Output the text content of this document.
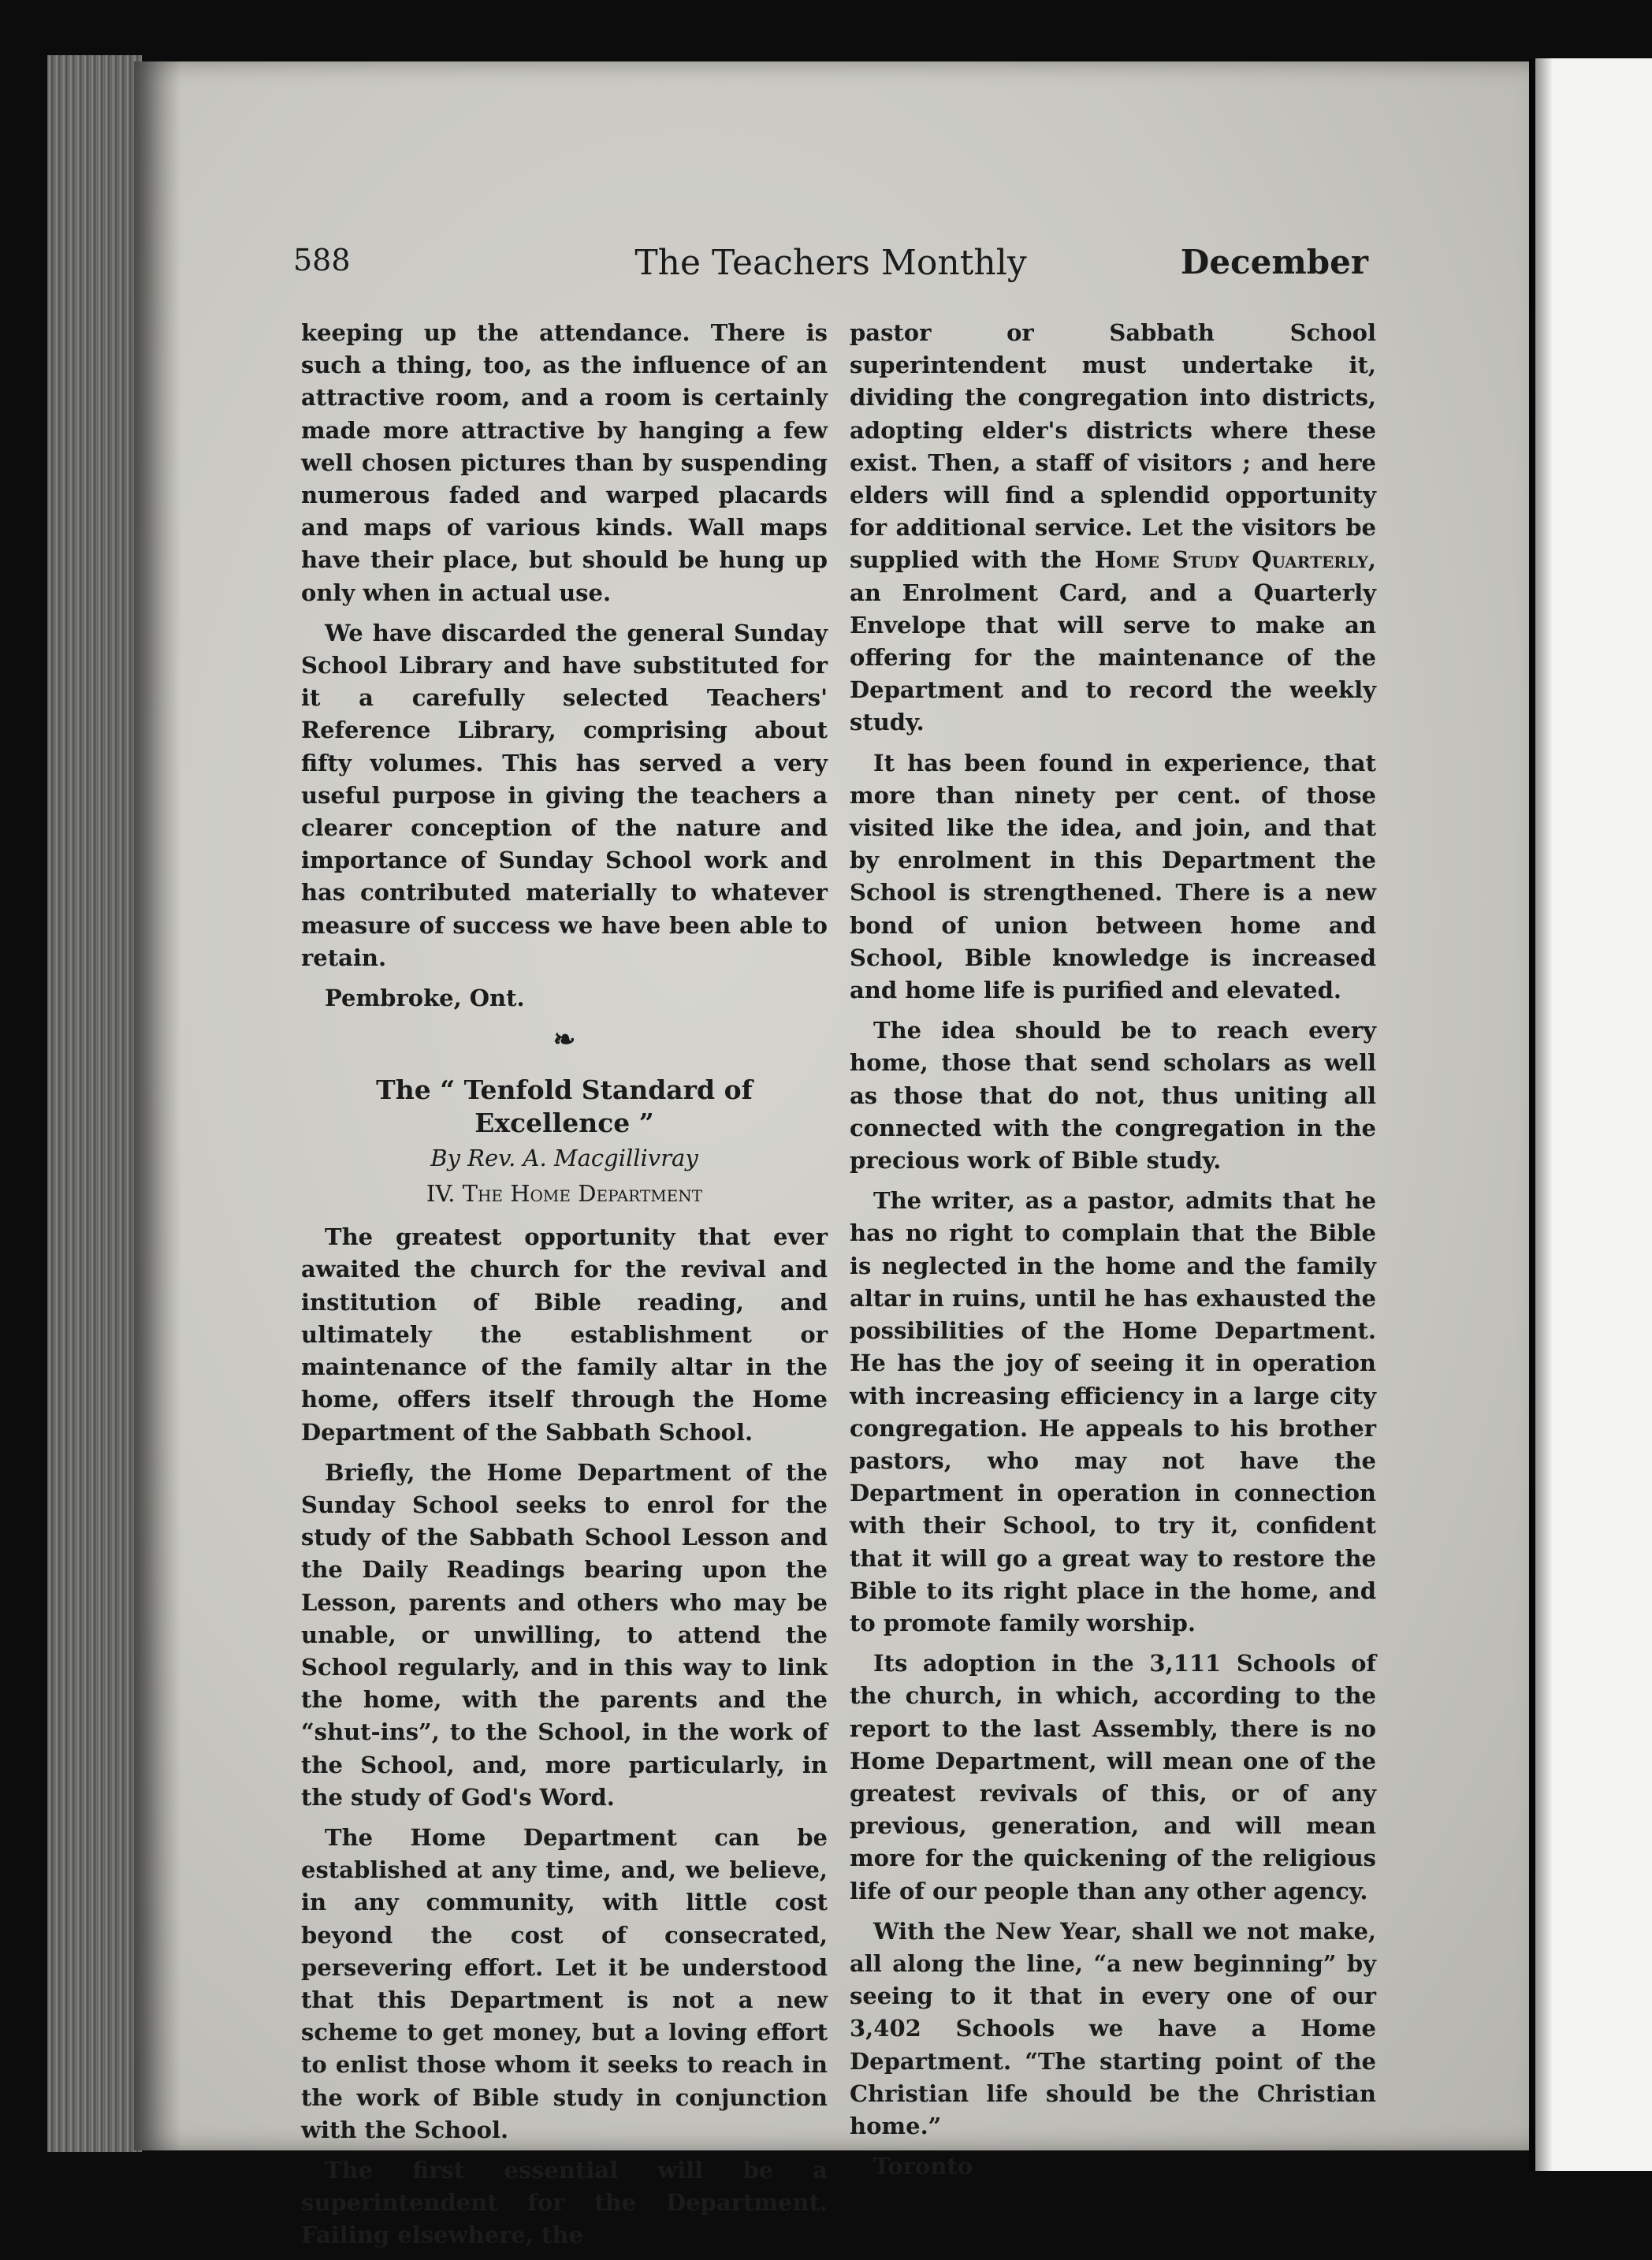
588	The Teachers Monthly	December

keeping up the attendance. There is such a thing, too, as the influence of an attractive room, and a room is certainly made more attractive by hanging a few well chosen pictures than by suspending numerous faded and warped placards and maps of various kinds. Wall maps have their place, but should be hung up only when in actual use.

We have discarded the general Sunday School Library and have substituted for it a carefully selected Teachers' Reference Library, comprising about fifty volumes. This has served a very useful purpose in giving the teachers a clearer conception of the nature and importance of Sunday School work and has contributed materially to whatever measure of success we have been able to retain.

Pembroke, Ont.
❧
The “ Tenfold Standard of Excellence ”
By Rev. A. Macgillivray
IV. The Home Department

The greatest opportunity that ever awaited the church for the revival and institution of Bible reading, and ultimately the establishment or maintenance of the family altar in the home, offers itself through the Home Department of the Sabbath School.

Briefly, the Home Department of the Sunday School seeks to enrol for the study of the Sabbath School Lesson and the Daily Readings bearing upon the Lesson, parents and others who may be unable, or unwilling, to attend the School regularly, and in this way to link the home, with the parents and the “shut-ins”, to the School, in the work of the School, and, more particularly, in the study of God's Word.

The Home Department can be established at any time, and, we believe, in any community, with little cost beyond the cost of consecrated, persevering effort. Let it be understood that this Department is not a new scheme to get money, but a loving effort to enlist those whom it seeks to reach in the work of Bible study in conjunction with the School.

The first essential will be a superintendent for the Department. Failing elsewhere, the

pastor or Sabbath School superintendent must undertake it, dividing the congregation into districts, adopting elder's districts where these exist. Then, a staff of visitors ; and here elders will find a splendid opportunity for additional service. Let the visitors be supplied with the Home Study Quarterly, an Enrolment Card, and a Quarterly Envelope that will serve to make an offering for the maintenance of the Department and to record the weekly study.

It has been found in experience, that more than ninety per cent. of those visited like the idea, and join, and that by enrolment in this Department the School is strengthened. There is a new bond of union between home and School, Bible knowledge is increased and home life is purified and elevated.

The idea should be to reach every home, those that send scholars as well as those that do not, thus uniting all connected with the congregation in the precious work of Bible study.

The writer, as a pastor, admits that he has no right to complain that the Bible is neglected in the home and the family altar in ruins, until he has exhausted the possibilities of the Home Department. He has the joy of seeing it in operation with increasing efficiency in a large city congregation. He appeals to his brother pastors, who may not have the Department in operation in connection with their School, to try it, confident that it will go a great way to restore the Bible to its right place in the home, and to promote family worship.

Its adoption in the 3,111 Schools of the church, in which, according to the report to the last Assembly, there is no Home Department, will mean one of the greatest revivals of this, or of any previous, generation, and will mean more for the quickening of the religious life of our people than any other agency.

With the New Year, shall we not make, all along the line, “a new beginning” by seeing to it that in every one of our 3,402 Schools we have a Home Department. “The starting point of the Christian life should be the Christian home.”

Toronto
